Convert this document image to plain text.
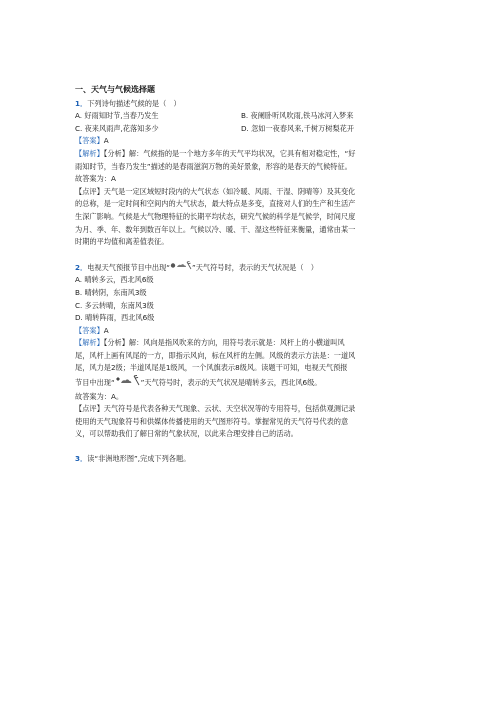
一、天气与气候选择题

1．下列诗句描述气候的是（　）

A. 好雨知时节,当春乃发生	B. 夜阑卧听风吹雨,铁马冰河入梦来
C. 夜来风雨声,花落知多少	D. 忽如一夜春风来,千树万树梨花开

【答案】A

【解析】【分析】解：气候指的是一个地方多年的天气平均状况，它具有相对稳定性，“好

雨知时节，当春乃发生”描述的是春雨滋润万物的美好景象，形容的是春天的气候特征。

故答案为：A

【点评】天气是一定区域短时段内的大气状态（如冷暖、风雨、干湿、阴晴等）及其变化

的总称，是一定时间和空间内的大气状态，最大特点是多变，直接对人们的生产和生活产

生深广影响。气候是大气物理特征的长期平均状态，研究气候的科学是气候学，时间尺度

为月、季、年、数年到数百年以上。气候以冷、暖、干、湿这些特征来衡量，通常由某一

时期的平均值和离差值表征。

2．电视天气预报节目中出现“	”天气符号时，表示的天气状况是（　）

A. 晴转多云，西北风6级

B. 晴转阴，东南风3级

C. 多云转晴，东南风3级

D. 晴转阵雨，西北风6级

【答案】A

【解析】【分析】解：风向是指风吹来的方向，用符号表示就是：风杆上的小横道叫风

尾，风杆上画有风尾的一方，即指示风向，标在风杆的左侧。风级的表示方法是：一道风

尾，风力是2级；半道风尾是1级风，一个风旗表示8级风。读题干可知，电视天气预报

节目中出现“	”天气符号时，表示的天气状况是晴转多云，西北风6级。

故答案为：A。

【点评】天气符号是代表各种天气现象、云状、天空状况等的专用符号，包括供观测记录

使用的天气现象符号和供媒体传播使用的天气图形符号。掌握常见的天气符号代表的意

义，可以帮助我们了解日常的气象状况，以此来合理安排自己的活动。

3．读“非洲地形图”,完成下列各题。
